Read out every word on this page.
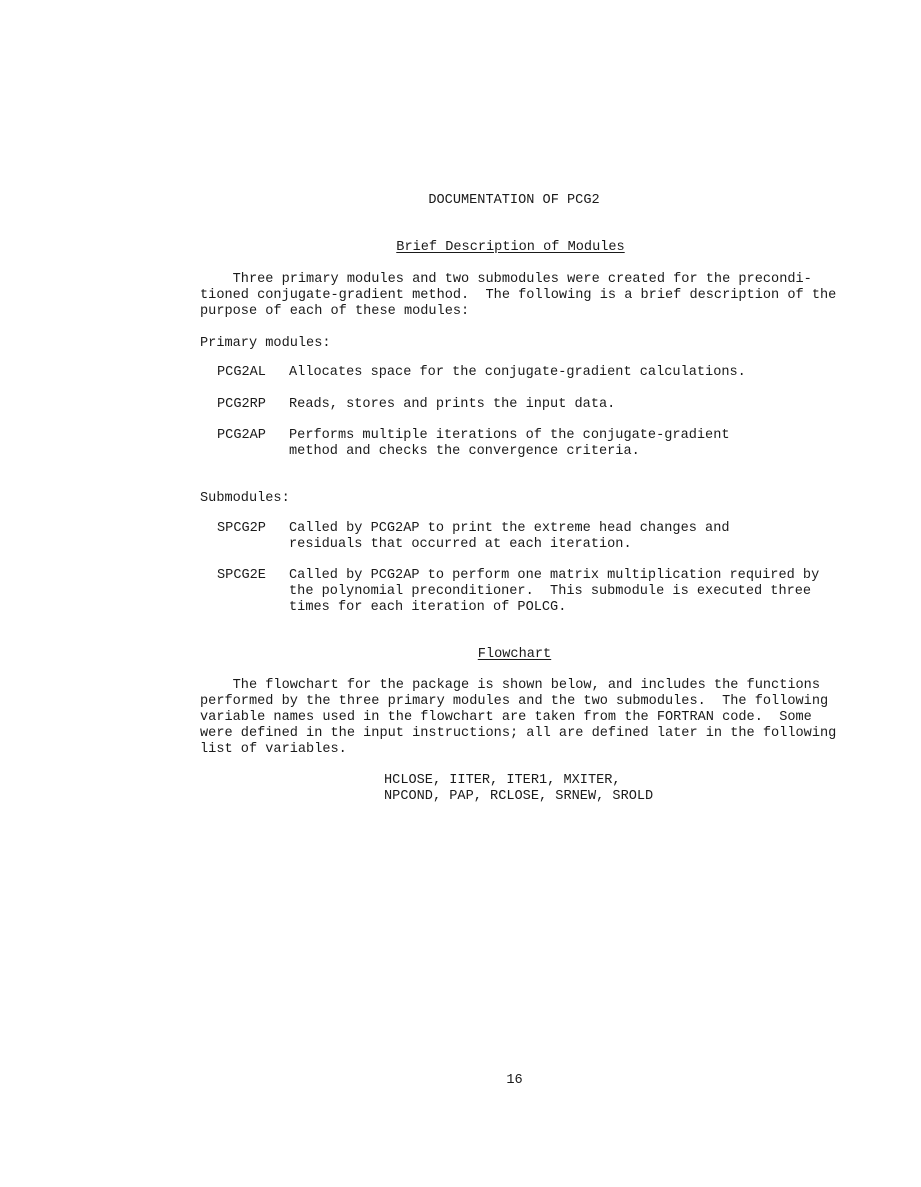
DOCUMENTATION OF PCG2
Brief Description of Modules
Three primary modules and two submodules were created for the precondi-
tioned conjugate-gradient method.  The following is a brief description of the
purpose of each of these modules:
Primary modules:
PCG2AL Allocates space for the conjugate-gradient calculations.
PCG2RP Reads, stores and prints the input data.
PCG2AP Performs multiple iterations of the conjugate-gradient
method and checks the convergence criteria.
Submodules:
SPCG2P Called by PCG2AP to print the extreme head changes and
residuals that occurred at each iteration.
SPCG2E Called by PCG2AP to perform one matrix multiplication required by
the polynomial preconditioner.  This submodule is executed three
times for each iteration of POLCG.
Flowchart
The flowchart for the package is shown below, and includes the functions
performed by the three primary modules and the two submodules.  The following
variable names used in the flowchart are taken from the FORTRAN code.  Some
were defined in the input instructions; all are defined later in the following
list of variables.
HCLOSE, IITER, ITER1, MXITER,
NPCOND, PAP, RCLOSE, SRNEW, SROLD
16
